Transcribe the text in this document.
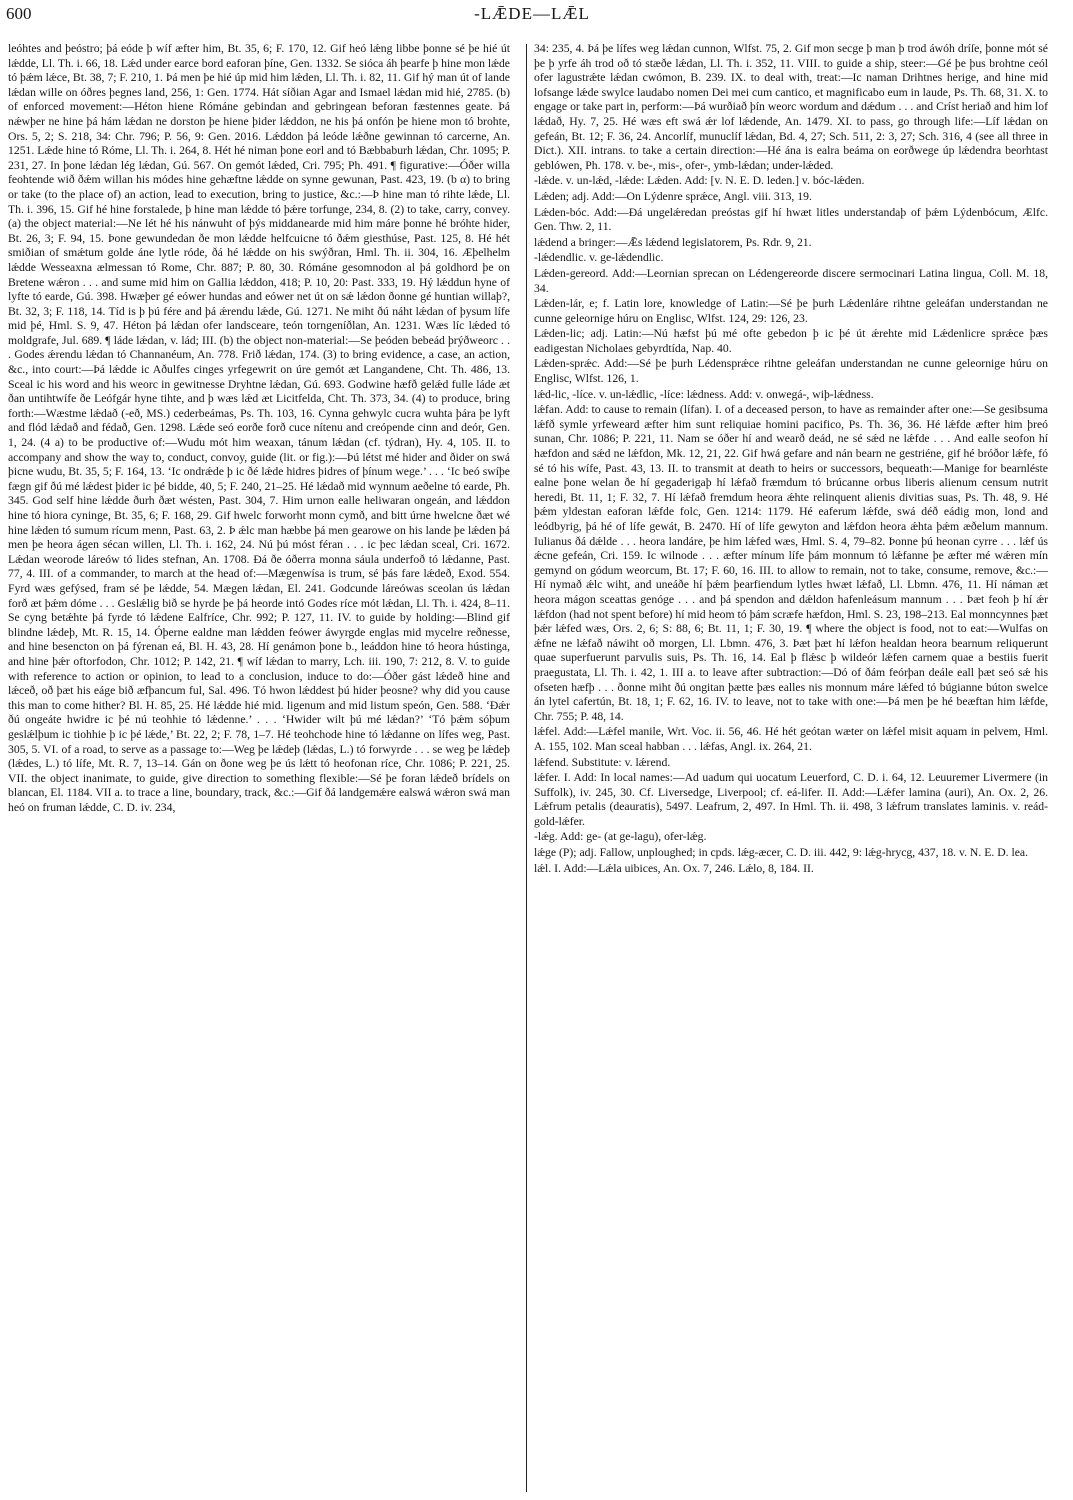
600	-LǢDE—LǢL

leóhtes and þeóstro; þá eóde þ wíf æfter him, Bt. 35, 6; F. 170, 12. Gif heó lǽng libbe þonne sé þe hié út lǽdde, Ll. Th. i. 66, 18. Lǽd under earce bord eaforan þíne, Gen. 1332. Se sióca áh þearfe þ hine mon lǽde tó þǽm lǽce, Bt. 38, 7; F. 210, 1. Þá men þe hié úp mid him lǽden, Ll. Th. i. 82, 11. Gif hý man út of lande lǽdan wille on óðres þegnes land, 256, 1: Gen. 1774. Hát síðian Agar and Ismael lǽdan mid hié, 2785. (b) of enforced movement:—Héton hiene Rómáne gebindan and gebringean beforan fæstennes geate. Þá nǽwþer ne hine þá hám lǽdan ne dorston þe hiene þider lǽddon, ne his þá onfón þe hiene mon tó brohte, Ors. 5, 2; S. 218, 34: Chr. 796; P. 56, 9: Gen. 2016. Lǽddon þá leóde lǽðne gewinnan tó carcerne, An. 1251. Lǽde hine tó Róme, Ll. Th. i. 264, 8. Hét hé niman þone eorl and tó Bæbbaburh lǽdan, Chr. 1095; P. 231, 27. In þone lǽdan lég lǽdan, Gú. 567. On gemót lǽded, Cri. 795; Ph. 491. ¶ figurative:—Óðer willa feohtende wið ðǽm willan his módes hine gehæftne lǽdde on synne gewunan, Past. 423, 19. (b α) to bring or take (to the place of) an action, lead to execution, bring to justice, &c.:—Þ hine man tó rihte lǽde, Ll. Th. i. 396, 15. Gif hé hine forstalede, þ hine man lǽdde tó þǽre torfunge, 234, 8. (2) to take, carry, convey. (a) the object material:—Ne lét hé his nánwuht of þýs middanearde mid him máre þonne hé bróhte hider, Bt. 26, 3; F. 94, 15. Þone gewundedan ðe mon lǽdde helfcuicne tó ðǽm giesthúse, Past. 125, 8. Hé hét smiðian of smǽtum golde áne lytle róde, ðá hé lǽdde on his swýðran, Hml. Th. ii. 304, 16. Æþelhelm lǽdde Wesseaxna ælmessan tó Rome, Chr. 887; P. 80, 30. Rómáne gesomnodon al þá goldhord þe on Bretene wǽron . . . and sume mid him on Gallia lǽddon, 418; P. 10, 20: Past. 333, 19. Hý lǽddun hyne of lyfte tó earde, Gú. 398. Hwæþer gé eówer hundas and eówer net út on sǽ lǽdon ðonne gé huntian willaþ?, Bt. 32, 3; F. 118, 14. Tíd is þ þú fére and þá ǽrendu lǽde, Gú. 1271. Ne miht ðú náht lǽdan of þysum lífe mid þé, Hml. S. 9, 47. Héton þá lǽdan ofer landsceare, teón torngeníðlan, An. 1231. Wæs líc lǽded tó moldgrafe, Jul. 689. ¶ láde lǽdan, v. lád; III. (b) the object non-material:—Se þeóden bebeád þrýðweorc . . . Godes ǽrendu lǽdan tó Channanéum, An. 778. Frið lǽdan, 174. (3) to bring evidence, a case, an action, &c., into court:—Þá lǽdde ic Aðulfes cinges yrfegewrit on úre gemót æt Langandene, Cht. Th. 486, 13. Sceal ic his word and his weorc in gewitnesse Dryhtne lǽdan, Gú. 693. Godwine hæfð gelǽd fulle láde æt ðan untihtwífe ðe Leófgár hyne tihte, and þ wæs lǽd æt Licitfelda, Cht. Th. 373, 34. (4) to produce, bring forth:—Wæstme lǽdað (-eð, MS.) cederbeámas, Ps. Th. 103, 16. Cynna gehwylc cucra wuhta þára þe lyft and flód lǽdað and fédað, Gen. 1298. Lǽde seó eorðe forð cuce nítenu and creópende cinn and deór, Gen. 1, 24. (4 a) to be productive of:—Wudu mót him weaxan, tánum lǽdan (cf. týdran), Hy. 4, 105. II. to accompany and show the way to, conduct, convoy, guide (lit. or fig.):—Þú létst mé hider and ðider on swá þicne wudu, Bt. 35, 5; F. 164, 13. ‘Ic ondrǽde þ ic ðé lǽde hidres þidres of þínum wege.’ . . . ‘Ic beó swíþe fægn gif ðú mé lǽdest þider ic þé bidde, 40, 5; F. 240, 21–25. Hé lǽdað mid wynnum aeðelne tó earde, Ph. 345. God self hine lǽdde ðurh ðæt wésten, Past. 304, 7. Him urnon ealle heliwaran ongeán, and lǽddon hine tó hiora cyninge, Bt. 35, 6; F. 168, 29. Gif hwelc forworht monn cymð, and bitt úrne hwelcne ðæt wé hine lǽden tó sumum rícum menn, Past. 63, 2. Þ ǽlc man hæbbe þá men gearowe on his lande þe lǽden þá men þe heora ágen sécan willen, Ll. Th. i. 162, 24. Nú þú móst féran . . . ic þec lǽdan sceal, Cri. 1672. Lǽdan weorode láreów tó lides stefnan, An. 1708. Ðá ðe óðerra monna sáula underfoð tó lǽdanne, Past. 77, 4. III. of a commander, to march at the head of:—Mægenwísa is trum, sé þás fare lǽdeð, Exod. 554. Fyrd wæs gefýsed, fram sé þe lǽdde, 54. Mægen lǽdan, El. 241. Godcunde láreówas sceolan ús lǽdan forð æt þǽm dóme . . . Geslǽlig bið se hyrde þe þá heorde intó Godes ríce mót lǽdan, Ll. Th. i. 424, 8–11. Se cyng betǽhte þá fyrde tó lǽdene Ealfríce, Chr. 992; P. 127, 11. IV. to guide by holding:—Blind gif blindne lǽdeþ, Mt. R. 15, 14. Óþerne ealdne man lǽdden feówer áwyrgde englas mid mycelre reðnesse, and hine besencton on þá fýrenan eá, Bl. H. 43, 28. Hí genámon þone b., leáddon hine tó heora hústinga, and hine þǽr oftorfodon, Chr. 1012; P. 142, 21. ¶ wíf lǽdan to marry, Lch. iii. 190, 7: 212, 8. V. to guide with reference to action or opinion, to lead to a conclusion, induce to do:—Óðer gást lǽdeð hine and lǽceð, oð þæt his eáge bið æfþancum ful, Sal. 496. Tó hwon lǽddest þú hider þeosne? why did you cause this man to come hither? Bl. H. 85, 25. Hé lǽdde hié mid. ligenum and mid listum speón, Gen. 588. ‘Ðǽr ðú ongeáte hwidre ic þé nú teohhie tó lǽdenne.’ . . . ‘Hwider wilt þú mé lǽdan?’ ‘Tó þǽm sóþum geslǽlþum ic tiohhie þ ic þé lǽde,’ Bt. 22, 2; F. 78, 1–7. Hé teohchode hine tó lǽdanne on lífes weg, Past. 305, 5. VI. of a road, to serve as a passage to:—Weg þe lǽdeþ (lǽdas, L.) tó forwyrde . . . se weg þe lǽdeþ (lǽdes, L.) tó lífe, Mt. R. 7, 13–14. Gán on ðone weg þe ús lǽtt tó heofonan ríce, Chr. 1086; P. 221, 25. VII. the object inanimate, to guide, give direction to something flexible:—Sé þe foran lǽdeð brídels on blancan, El. 1184. VII a. to trace a line, boundary, track, &c.:—Gif ðá landgemǽre ealswá wǽron swá man heó on fruman lǽdde, C. D. iv. 234,

34: 235, 4. Þá þe lífes weg lǽdan cunnon, Wlfst. 75, 2. Gif mon secge þ man þ trod áwóh dríſe, þonne mót sé þe þ yrfe áh trod oð tó stæðe lǽdan, Ll. Th. i. 352, 11. VIII. to guide a ship, steer:—Gé þe þus brohtne ceól ofer lagustrǽte lǽdan cwómon, B. 239. IX. to deal with, treat:—Ic naman Drihtnes herige, and hine mid lofsange lǽde swylce laudabo nomen Dei mei cum cantico, et magnificabo eum in laude, Ps. Th. 68, 31. X. to engage or take part in, perform:—Þá wurðiað þín weorc wordum and dǽdum . . . and Críst heriað and him lof lǽdað, Hy. 7, 25. Hé wæs eft swá ǽr lof lǽdende, An. 1479. XI. to pass, go through life:—Líf lǽdan on gefeán, Bt. 12; F. 36, 24. Ancorlíf, munuclíf lǽdan, Bd. 4, 27; Sch. 511, 2: 3, 27; Sch. 316, 4 (see all three in Dict.). XII. intrans. to take a certain direction:—Hé ána is ealra beáma on eorðwege úp lǽdendra beorhtast geblówen, Ph. 178. v. be-, mis-, ofer-, ymb-lǽdan; under-lǽded.

-lǽde. v. un-lǽd, -lǽde: Lǽden. Add: [v. N. E. D. leden.] v. bóc-lǽden.

Lǽden; adj. Add:—On Lýdenre sprǽce, Angl. viii. 313, 19.

Lǽden-bóc. Add:—Ðá ungelǽredan preóstas gif hí hwæt litles understandaþ of þǽm Lýdenbócum, Ælfc. Gen. Thw. 2, 11.

lǽdend a bringer:—Ǣs lǽdend legislatorem, Ps. Rdr. 9, 21.

-lǽdendlic. v. ge-lǽdendlic.

Lǽden-gereord. Add:—Leornian sprecan on Lédengereorde discere sermocinari Latina lingua, Coll. M. 18, 34.

Lǽden-lár, e; f. Latin lore, knowledge of Latin:—Sé þe þurh Lǽdenláre rihtne geleáfan understandan ne cunne geleornige húru on Englisc, Wlfst. 124, 29: 126, 23.

Lǽden-lic; adj. Latin:—Nú hæfst þú mé ofte gebedon þ ic þé út ǽrehte mid Lǽdenlicre sprǽce þæs eadigestan Nicholaes gebyrdtída, Nap. 40.

Lǽden-sprǽc. Add:—Sé þe þurh Lédensprǽce rihtne geleáfan understandan ne cunne geleornige húru on Englisc, Wlfst. 126, 1.

lǽd-lic, -líce. v. un-lǽdlic, -líce: lǽdness. Add: v. onwegá-, wiþ-lǽdness.

lǽfan. Add: to cause to remain (lífan). I. of a deceased person, to have as remainder after one:—Se gesibsuma lǽfð symle yrfeweard æfter him sunt reliquiae homini pacifico, Ps. Th. 36, 36. Hé lǽfde æfter him þreó sunan, Chr. 1086; P. 221, 11. Nam se óðer hí and wearð deád, ne sé sǽd ne lǽfde . . . And ealle seofon hí hæfdon and sǽd ne lǽfdon, Mk. 12, 21, 22. Gif hwá gefare and nán bearn ne gestriéne, gif hé bróðor lǽfe, fó sé tó his wífe, Past. 43, 13. II. to transmit at death to heirs or successors, bequeath:—Manige for bearnléste ealne þone welan ðe hí gegaderigaþ hí lǽfað fræmdum tó brúcanne orbus liberis alienum censum nutrit heredi, Bt. 11, 1; F. 32, 7. Hí lǽfað fremdum heora ǽhte relinquent alienis divitias suas, Ps. Th. 48, 9. Hé þǽm yldestan eaforan lǽfde folc, Gen. 1214: 1179. Hé eaferum lǽfde, swá déð eádig mon, lond and leódbyrig, þá hé of lífe gewát, B. 2470. Hí of lífe gewyton and lǽfdon heora ǽhta þǽm æðelum mannum. Iulianus ðá dǽlde . . . heora landáre, þe him lǽfed wæs, Hml. S. 4, 79–82. Þonne þú heonan cyrre . . . lǽf ús ǽcne gefeán, Cri. 159. Ic wilnode . . . æfter mínum lífe þám monnum tó lǽfanne þe æfter mé wǽren mín gemynd on gódum weorcum, Bt. 17; F. 60, 16. III. to allow to remain, not to take, consume, remove, &c.:—Hí nymað ǽlc wiht, and uneáðe hí þǽm þearfiendum lytles hwæt lǽfað, Ll. Lbmn. 476, 11. Hí náman æt heora mágon sceattas genóge . . . and þá spendon and dǽldon hafenleásum mannum . . . Þæt feoh þ hí ǽr lǽfdon (had not spent before) hí mid heom tó þám scræfe hæfdon, Hml. S. 23, 198–213. Eal monncynnes þæt þǽr lǽfed wæs, Ors. 2, 6; S: 88, 6; Bt. 11, 1; F. 30, 19. ¶ where the object is food, not to eat:—Wulfas on ǽfne ne lǽfað náwiht oð morgen, Ll. Lbmn. 476, 3. Þæt þæt hí lǽfon healdan heora bearnum reliquerunt quae superfuerunt parvulis suis, Ps. Th. 16, 14. Eal þ flǽsc þ wildeór lǽfen carnem quae a bestiis fuerit praegustata, Ll. Th. i. 42, 1. III a. to leave after subtraction:—Dó of ðám feórþan deále eall þæt seó sǽ his ofseten hæfþ . . . ðonne miht ðú ongitan þætte þæs ealles nis monnum máre lǽfed tó búgianne búton swelce án lytel cafertún, Bt. 18, 1; F. 62, 16. IV. to leave, not to take with one:—Þá men þe hé beæftan him lǽfde, Chr. 755; P. 48, 14.

lǽfel. Add:—Lǽfel manile, Wrt. Voc. ii. 56, 46. Hé hét geótan wæter on lǽfel misit aquam in pelvem, Hml. A. 155, 102. Man sceal habban . . . lǽfas, Angl. ix. 264, 21.

lǽfend. Substitute: v. lǽrend.

lǽfer. I. Add: In local names:—Ad uadum qui uocatum Leuerford, C. D. i. 64, 12. Leuuremer Livermere (in Suffolk), iv. 245, 30. Cf. Liversedge, Liverpool; cf. eá-lifer. II. Add:—Lǽfer lamina (auri), An. Ox. 2, 26. Lǽfrum petalis (deauratis), 5497. Leafrum, 2, 497. In Hml. Th. ii. 498, 3 lǽfrum translates laminis. v. reád-gold-lǽfer.

-lǽg. Add: ge- (at ge-lagu), ofer-lǽg.

lǽge (P); adj. Fallow, unploughed; in cpds. lǽg-æcer, C. D. iii. 442, 9: lǽg-hrycg, 437, 18. v. N. E. D. lea.

lǽl. I. Add:—Lǽla uibices, An. Ox. 7, 246. Lǽlo, 8, 184. II.
